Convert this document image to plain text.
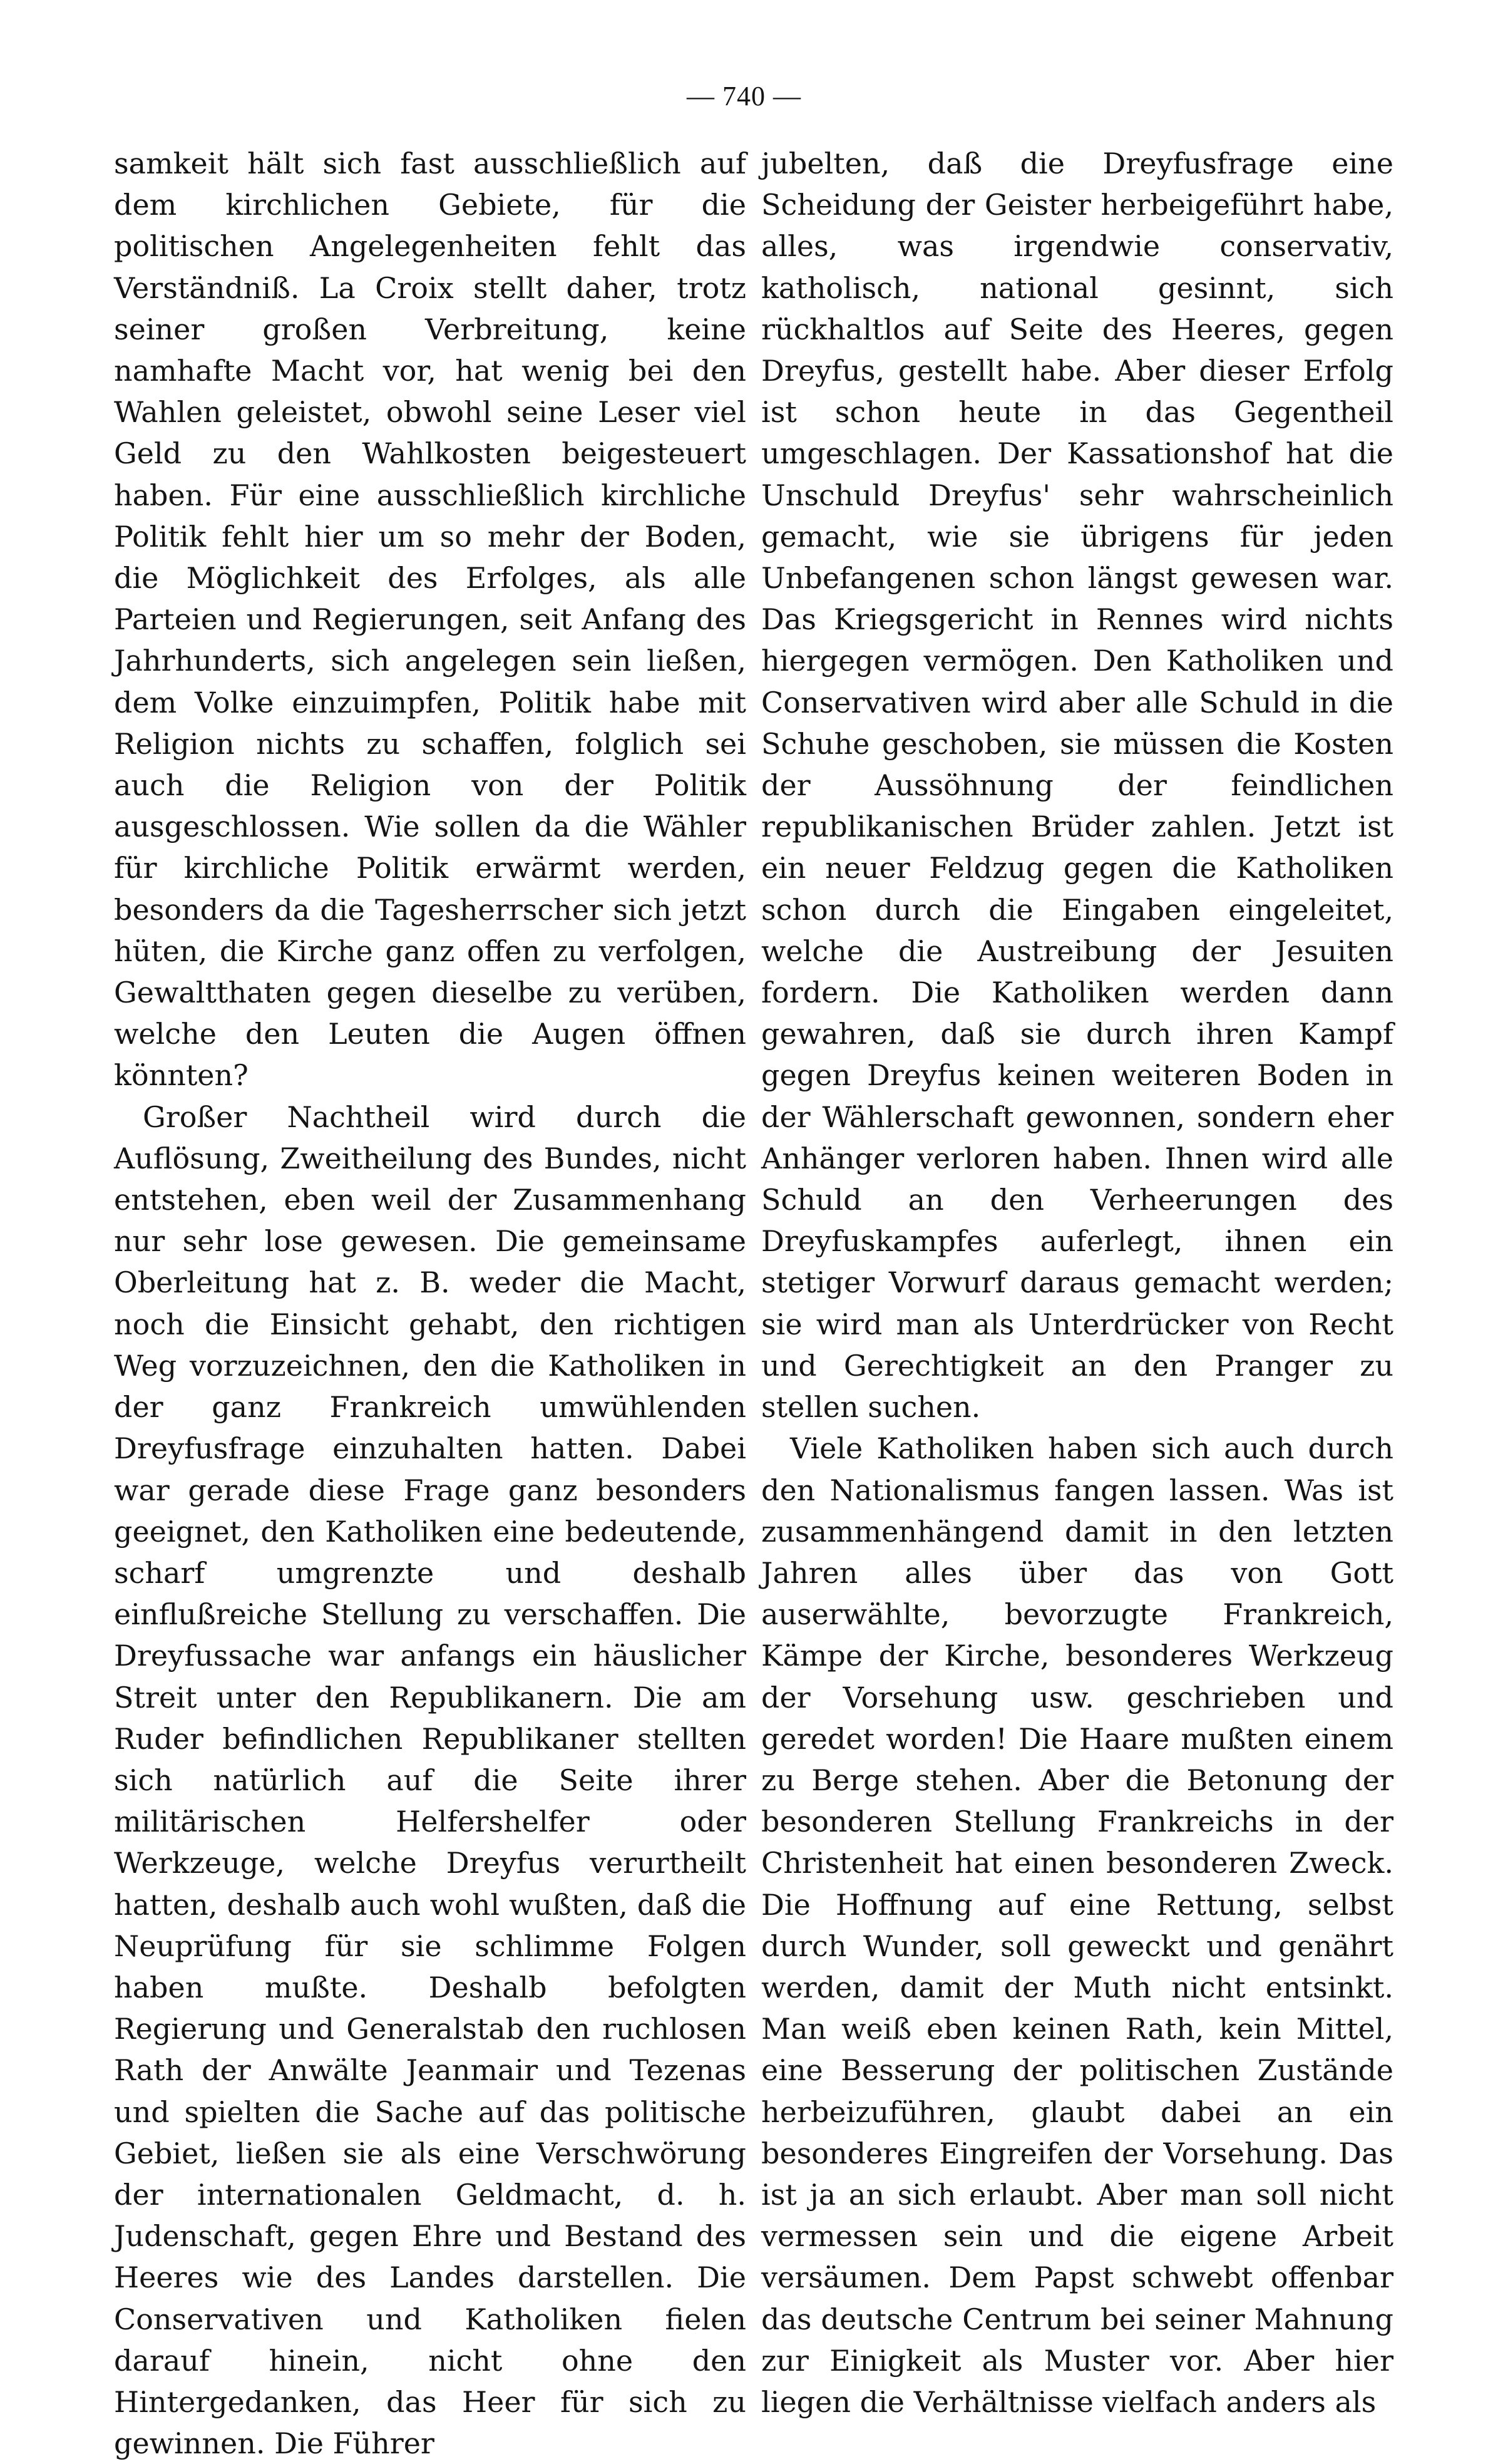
— 740 —

samkeit hält sich fast ausschließlich auf dem kirchlichen Gebiete, für die politischen Angelegenheiten fehlt das Verständniß. La Croix stellt daher, trotz seiner großen Verbreitung, keine namhafte Macht vor, hat wenig bei den Wahlen geleistet, obwohl seine Leser viel Geld zu den Wahlkosten beigesteuert haben. Für eine ausschließlich kirchliche Politik fehlt hier um so mehr der Boden, die Möglichkeit des Erfolges, als alle Parteien und Regierungen, seit Anfang des Jahrhunderts, sich angelegen sein ließen, dem Volke einzuimpfen, Politik habe mit Religion nichts zu schaffen, folglich sei auch die Religion von der Politik ausgeschlossen. Wie sollen da die Wähler für kirchliche Politik erwärmt werden, besonders da die Tagesherrscher sich jetzt hüten, die Kirche ganz offen zu verfolgen, Gewaltthaten gegen dieselbe zu verüben, welche den Leuten die Augen öffnen könnten?

Großer Nachtheil wird durch die Auflösung, Zweitheilung des Bundes, nicht entstehen, eben weil der Zusammenhang nur sehr lose gewesen. Die gemeinsame Oberleitung hat z. B. weder die Macht, noch die Einsicht gehabt, den richtigen Weg vorzuzeichnen, den die Katholiken in der ganz Frankreich umwühlenden Dreyfusfrage einzuhalten hatten. Dabei war gerade diese Frage ganz besonders geeignet, den Katholiken eine bedeutende, scharf umgrenzte und deshalb einflußreiche Stellung zu verschaffen. Die Dreyfussache war anfangs ein häuslicher Streit unter den Republikanern. Die am Ruder befindlichen Republikaner stellten sich natürlich auf die Seite ihrer militärischen Helfershelfer oder Werkzeuge, welche Dreyfus verurtheilt hatten, deshalb auch wohl wußten, daß die Neuprüfung für sie schlimme Folgen haben mußte. Deshalb befolgten Regierung und Generalstab den ruchlosen Rath der Anwälte Jeanmair und Tezenas und spielten die Sache auf das politische Gebiet, ließen sie als eine Verschwörung der internationalen Geldmacht, d. h. Judenschaft, gegen Ehre und Bestand des Heeres wie des Landes darstellen. Die Conservativen und Katholiken fielen darauf hinein, nicht ohne den Hintergedanken, das Heer für sich zu gewinnen. Die Führer

jubelten, daß die Dreyfusfrage eine Scheidung der Geister herbeigeführt habe, alles, was irgendwie conservativ, katholisch, national gesinnt, sich rückhaltlos auf Seite des Heeres, gegen Dreyfus, gestellt habe. Aber dieser Erfolg ist schon heute in das Gegentheil umgeschlagen. Der Kassationshof hat die Unschuld Dreyfus' sehr wahrscheinlich gemacht, wie sie übrigens für jeden Unbefangenen schon längst gewesen war. Das Kriegsgericht in Rennes wird nichts hiergegen vermögen. Den Katholiken und Conservativen wird aber alle Schuld in die Schuhe geschoben, sie müssen die Kosten der Aussöhnung der feindlichen republikanischen Brüder zahlen. Jetzt ist ein neuer Feldzug gegen die Katholiken schon durch die Eingaben eingeleitet, welche die Austreibung der Jesuiten fordern. Die Katholiken werden dann gewahren, daß sie durch ihren Kampf gegen Dreyfus keinen weiteren Boden in der Wählerschaft gewonnen, sondern eher Anhänger verloren haben. Ihnen wird alle Schuld an den Verheerungen des Dreyfuskampfes auferlegt, ihnen ein stetiger Vorwurf daraus gemacht werden; sie wird man als Unterdrücker von Recht und Gerechtigkeit an den Pranger zu stellen suchen.

Viele Katholiken haben sich auch durch den Nationalismus fangen lassen. Was ist zusammenhängend damit in den letzten Jahren alles über das von Gott auserwählte, bevorzugte Frankreich, Kämpe der Kirche, besonderes Werkzeug der Vorsehung usw. geschrieben und geredet worden! Die Haare mußten einem zu Berge stehen. Aber die Betonung der besonderen Stellung Frankreichs in der Christenheit hat einen besonderen Zweck. Die Hoffnung auf eine Rettung, selbst durch Wunder, soll geweckt und genährt werden, damit der Muth nicht entsinkt. Man weiß eben keinen Rath, kein Mittel, eine Besserung der politischen Zustände herbeizuführen, glaubt dabei an ein besonderes Eingreifen der Vorsehung. Das ist ja an sich erlaubt. Aber man soll nicht vermessen sein und die eigene Arbeit versäumen. Dem Papst schwebt offenbar das deutsche Centrum bei seiner Mahnung zur Einigkeit als Muster vor. Aber hier liegen die Verhältnisse vielfach anders als
